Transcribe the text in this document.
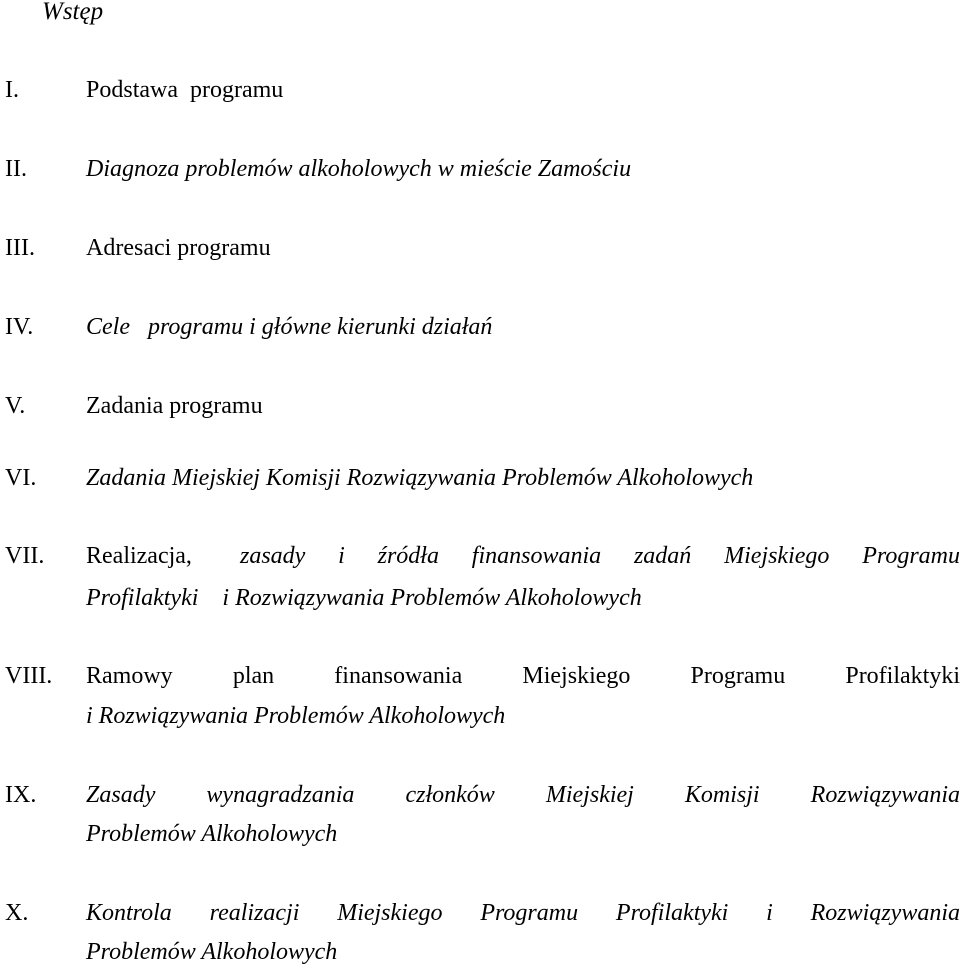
Wstęp
I.	Podstawa  programu
II. Diagnoza problemów alkoholowych w mieście Zamościu
III. Adresaci programu
IV. Cele   programu i główne kierunki działań
V.	Zadania programu
VI. Zadania Miejskiej Komisji Rozwiązywania Problemów Alkoholowych
VII. Realizacja, zasady i źródła finansowania zadań Miejskiego Programu
Profilaktyki    i Rozwiązywania Problemów Alkoholowych
VIII. Ramowy plan finansowania Miejskiego Programu Profilaktyki
i Rozwiązywania Problemów Alkoholowych
IX. Zasady wynagradzania członków Miejskiej Komisji Rozwiązywania
Problemów Alkoholowych
X. Kontrola realizacji Miejskiego Programu Profilaktyki i Rozwiązywania
Problemów Alkoholowych
